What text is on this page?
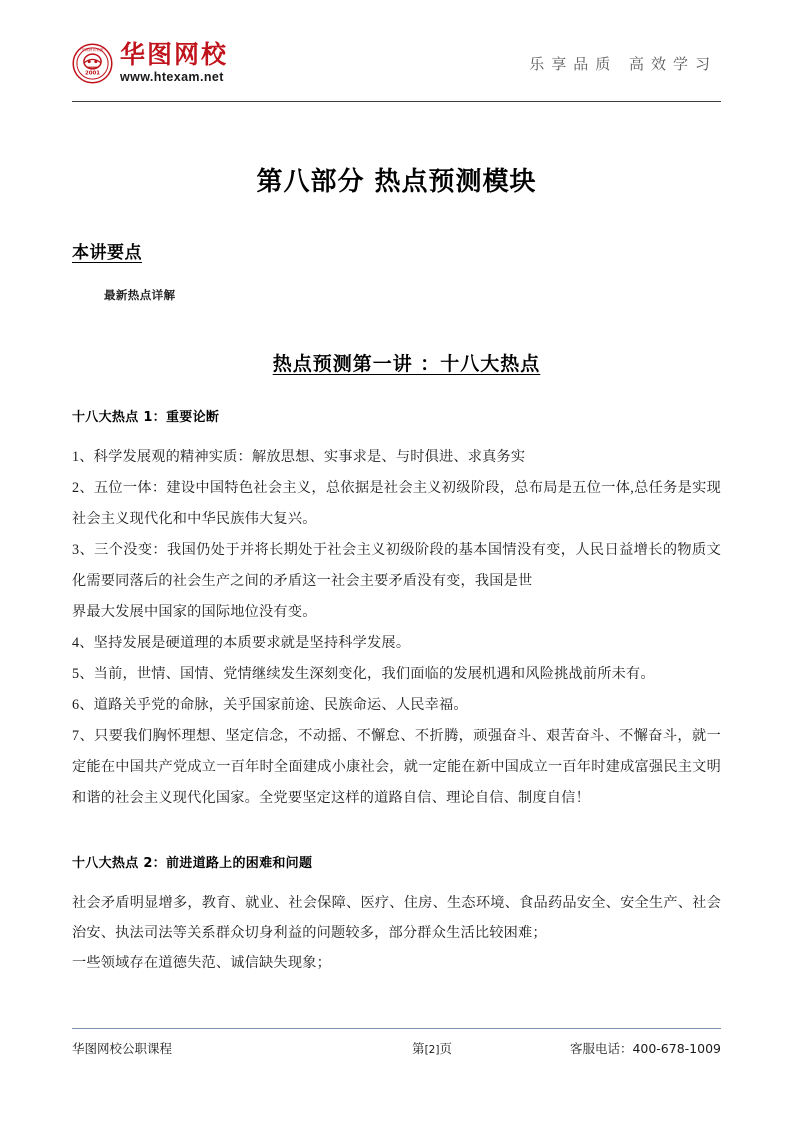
2001
华图教育集团 华图网校
www.htexam.net
乐享品质 高效学习
第八部分 热点预测模块
本讲要点
最新热点详解
热点预测第一讲 ：十八大热点
十八大热点 1：重要论断

1、科学发展观的精神实质：解放思想、实事求是、与时俱进、求真务实

2、五位一体：建设中国特色社会主义，总依据是社会主义初级阶段，总布局是五位一体,总任务是实现社会主义现代化和中华民族伟大复兴。

3、三个没变：我国仍处于并将长期处于社会主义初级阶段的基本国情没有变，人民日益增长的物质文化需要同落后的社会生产之间的矛盾这一社会主要矛盾没有变，我国是世

界最大发展中国家的国际地位没有变。

4、坚持发展是硬道理的本质要求就是坚持科学发展。

5、当前，世情、国情、党情继续发生深刻变化，我们面临的发展机遇和风险挑战前所未有。

6、道路关乎党的命脉，关乎国家前途、民族命运、人民幸福。

7、只要我们胸怀理想、坚定信念，不动摇、不懈怠、不折腾，顽强奋斗、艰苦奋斗、不懈奋斗，就一定能在中国共产党成立一百年时全面建成小康社会，就一定能在新中国成立一百年时建成富强民主文明和谐的社会主义现代化国家。全党要坚定这样的道路自信、理论自信、制度自信！

十八大热点 2：前进道路上的困难和问题

社会矛盾明显增多，教育、就业、社会保障、医疗、住房、生态环境、食品药品安全、安全生产、社会治安、执法司法等关系群众切身利益的问题较多，部分群众生活比较困难；

一些领域存在道德失范、诚信缺失现象；

华图网校公职课程	第[2]页	客服电话：400-678-1009
